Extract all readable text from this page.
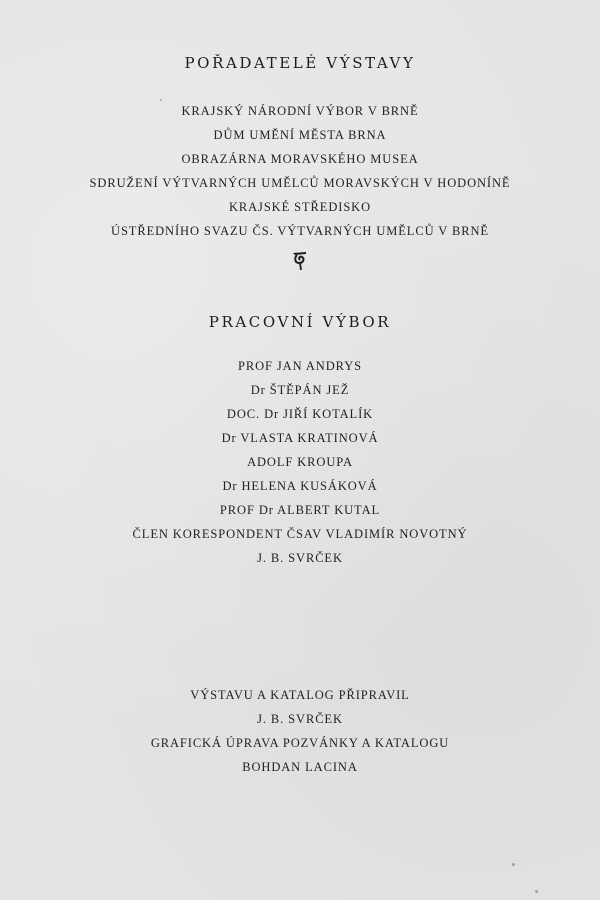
POŘADATELÉ VÝSTAVY
KRAJSKÝ NÁRODNÍ VÝBOR V BRNĚ
DŮM UMĚNÍ MĚSTA BRNA
OBRAZÁRNA MORAVSKÉHO MUSEA
SDRUŽENÍ VÝTVARNÝCH UMĚLCŮ MORAVSKÝCH V HODONÍNĚ
KRAJSKÉ STŘEDISKO
ÚSTŘEDNÍHO SVAZU ČS. VÝTVARNÝCH UMĚLCŮ V BRNĚ
PRACOVNÍ VÝBOR
PROF JAN ANDRYS
Dr ŠTĚPÁN JEŽ
DOC. Dr JIŘÍ KOTALÍK
Dr VLASTA KRATINOVÁ
ADOLF KROUPA
Dr HELENA KUSÁKOVÁ
PROF Dr ALBERT KUTAL
ČLEN KORESPONDENT ČSAV VLADIMÍR NOVOTNÝ
J. B. SVRČEK
VÝSTAVU A KATALOG PŘIPRAVIL
J. B. SVRČEK
GRAFICKÁ ÚPRAVA POZVÁNKY A KATALOGU
BOHDAN LACINA
